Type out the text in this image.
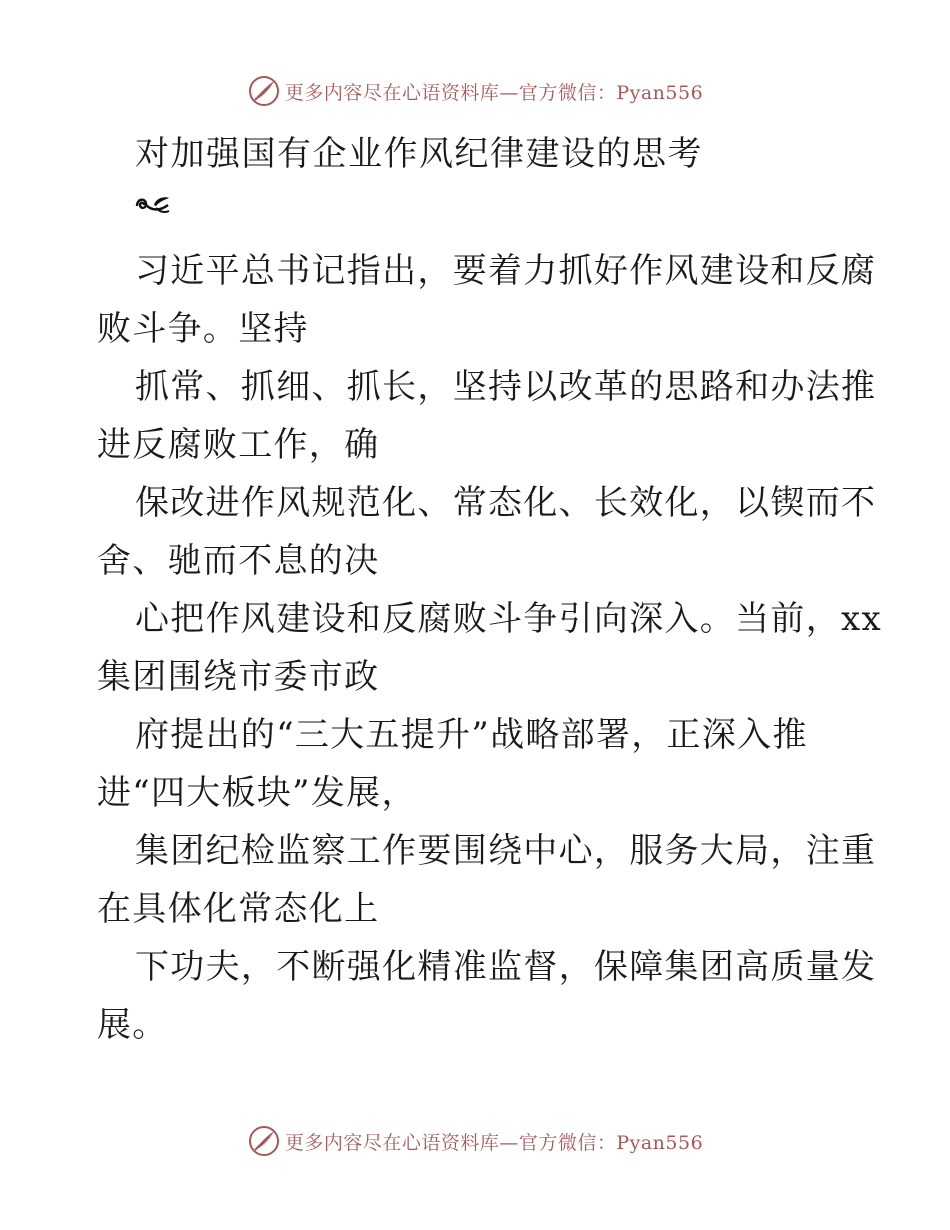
更多内容尽在心语资料库—官方微信：Pyan556
对加强国有企业作风纪律建设的思考
习近平总书记指出，要着力抓好作风建设和反腐
败斗争。坚持
抓常、抓细、抓长，坚持以改革的思路和办法推
进反腐败工作，确
保改进作风规范化、常态化、长效化，以锲而不
舍、驰而不息的决
心把作风建设和反腐败斗争引向深入。当前，xx
集团围绕市委市政
府提出的“三大五提升”战略部署，正深入推
进“四大板块”发展，
集团纪检监察工作要围绕中心，服务大局，注重
在具体化常态化上
下功夫，不断强化精准监督，保障集团高质量发
展。
更多内容尽在心语资料库—官方微信：Pyan556
